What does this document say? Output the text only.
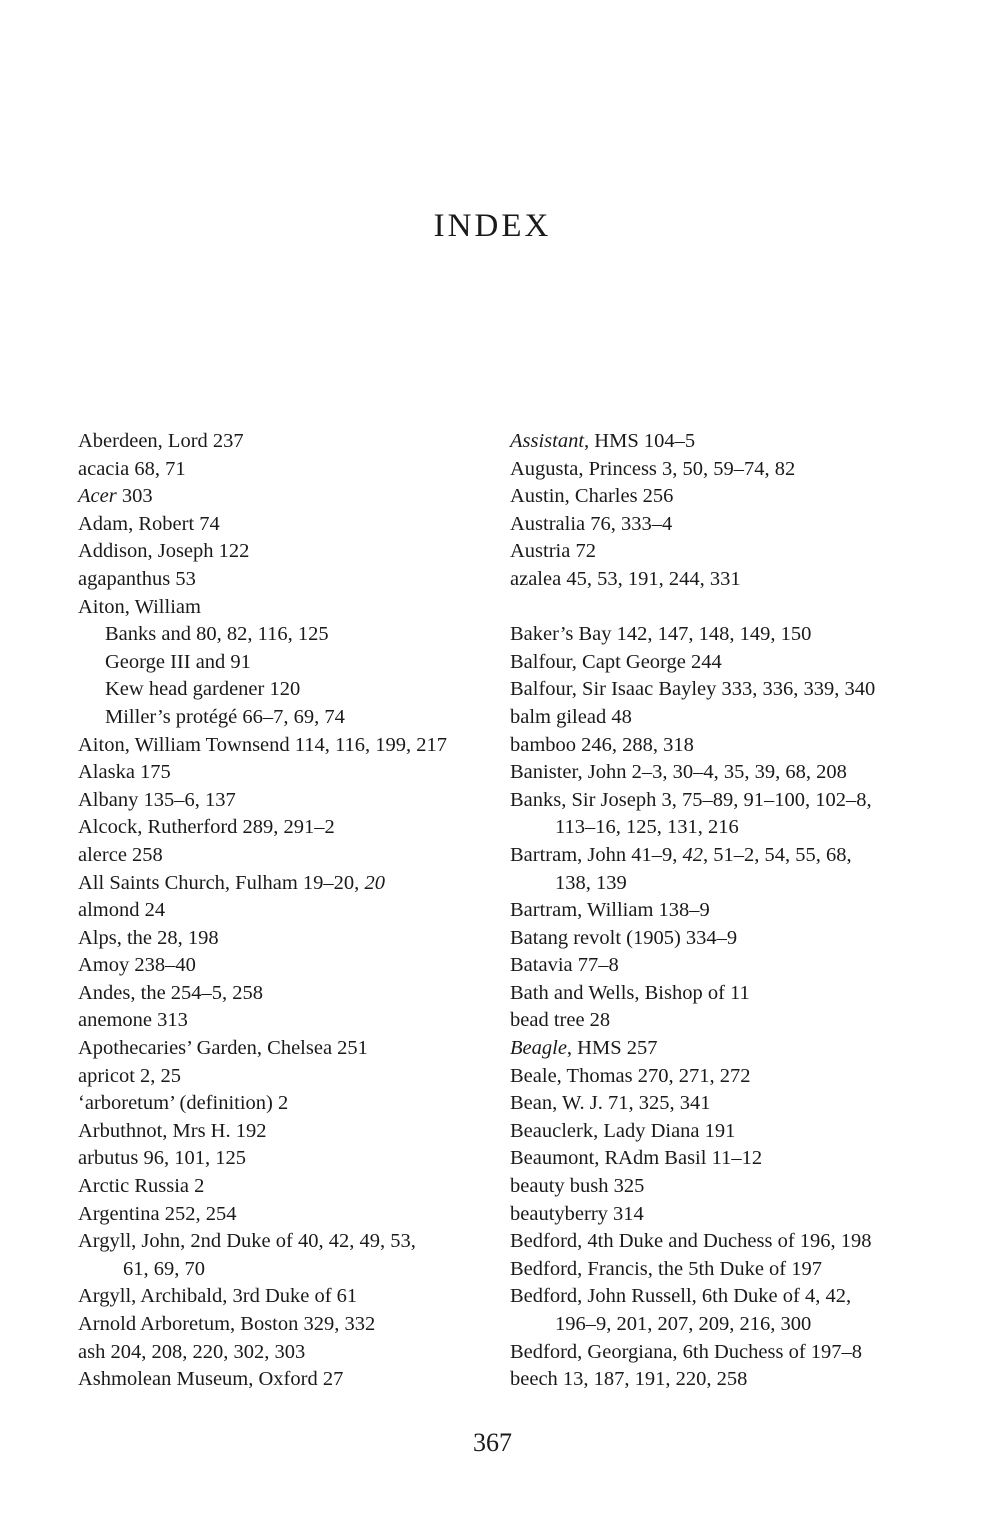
INDEX
Aberdeen, Lord 237
acacia 68, 71
Acer 303
Adam, Robert 74
Addison, Joseph 122
agapanthus 53
Aiton, William
Banks and 80, 82, 116, 125
George III and 91
Kew head gardener 120
Miller’s protégé 66–7, 69, 74
Aiton, William Townsend 114, 116, 199, 217
Alaska 175
Albany 135–6, 137
Alcock, Rutherford 289, 291–2
alerce 258
All Saints Church, Fulham 19–20, 20
almond 24
Alps, the 28, 198
Amoy 238–40
Andes, the 254–5, 258
anemone 313
Apothecaries’ Garden, Chelsea 251
apricot 2, 25
‘arboretum’ (definition) 2
Arbuthnot, Mrs H. 192
arbutus 96, 101, 125
Arctic Russia 2
Argentina 252, 254
Argyll, John, 2nd Duke of 40, 42, 49, 53,
61, 69, 70
Argyll, Archibald, 3rd Duke of 61
Arnold Arboretum, Boston 329, 332
ash 204, 208, 220, 302, 303
Ashmolean Museum, Oxford 27
Assistant, HMS 104–5
Augusta, Princess 3, 50, 59–74, 82
Austin, Charles 256
Australia 76, 333–4
Austria 72
azalea 45, 53, 191, 244, 331
Baker’s Bay 142, 147, 148, 149, 150
Balfour, Capt George 244
Balfour, Sir Isaac Bayley 333, 336, 339, 340
balm gilead 48
bamboo 246, 288, 318
Banister, John 2–3, 30–4, 35, 39, 68, 208
Banks, Sir Joseph 3, 75–89, 91–100, 102–8,
113–16, 125, 131, 216
Bartram, John 41–9, 42, 51–2, 54, 55, 68,
138, 139
Bartram, William 138–9
Batang revolt (1905) 334–9
Batavia 77–8
Bath and Wells, Bishop of 11
bead tree 28
Beagle, HMS 257
Beale, Thomas 270, 271, 272
Bean, W. J. 71, 325, 341
Beauclerk, Lady Diana 191
Beaumont, RAdm Basil 11–12
beauty bush 325
beautyberry 314
Bedford, 4th Duke and Duchess of 196, 198
Bedford, Francis, the 5th Duke of 197
Bedford, John Russell, 6th Duke of 4, 42,
196–9, 201, 207, 209, 216, 300
Bedford, Georgiana, 6th Duchess of 197–8
beech 13, 187, 191, 220, 258
367
